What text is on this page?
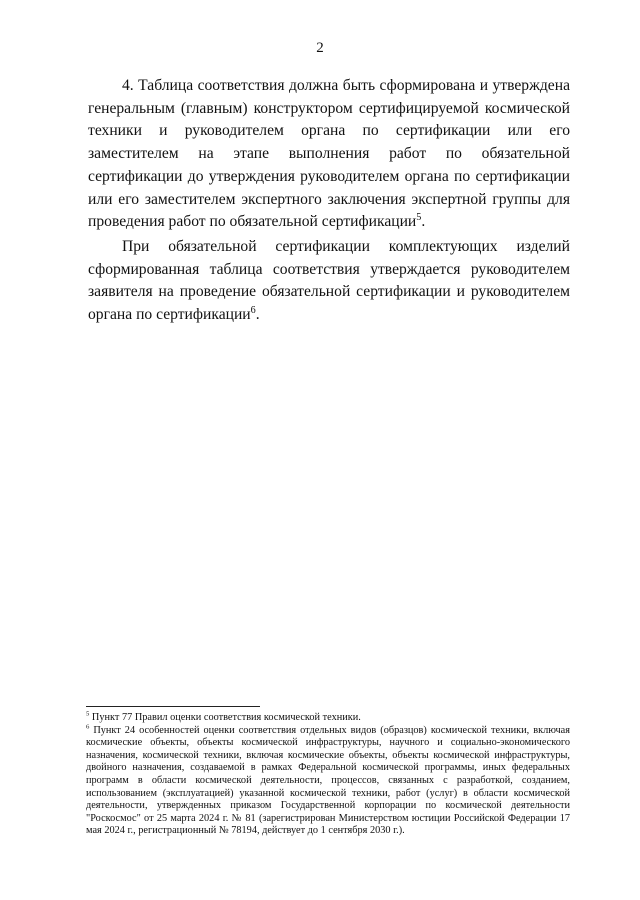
2

4. Таблица соответствия должна быть сформирована и утверждена генеральным (главным) конструктором сертифицируемой космической техники и руководителем органа по сертификации или его заместителем на этапе выполнения работ по обязательной сертификации до утверждения руководителем органа по сертификации или его заместителем экспертного заключения экспертной группы для проведения работ по обязательной сертификации$^5$.

При обязательной сертификации комплектующих изделий сформированная таблица соответствия утверждается руководителем заявителя на проведение обязательной сертификации и руководителем органа по сертификации$^6$.

$^5$ Пункт 77 Правил оценки соответствия космической техники.

$^6$ Пункт 24 особенностей оценки соответствия отдельных видов (образцов) космической техники, включая космические объекты, объекты космической инфраструктуры, научного и социально-экономического назначения, космической техники, включая космические объекты, объекты космической инфраструктуры, двойного назначения, создаваемой в рамках Федеральной космической программы, иных федеральных программ в области космической деятельности, процессов, связанных с разработкой, созданием, использованием (эксплуатацией) указанной космической техники, работ (услуг) в области космической деятельности, утвержденных приказом Государственной корпорации по космической деятельности "Роскосмос" от 25 марта 2024 г. № 81 (зарегистрирован Министерством юстиции Российской Федерации 17 мая 2024 г., регистрационный № 78194, действует до 1 сентября 2030 г.).
